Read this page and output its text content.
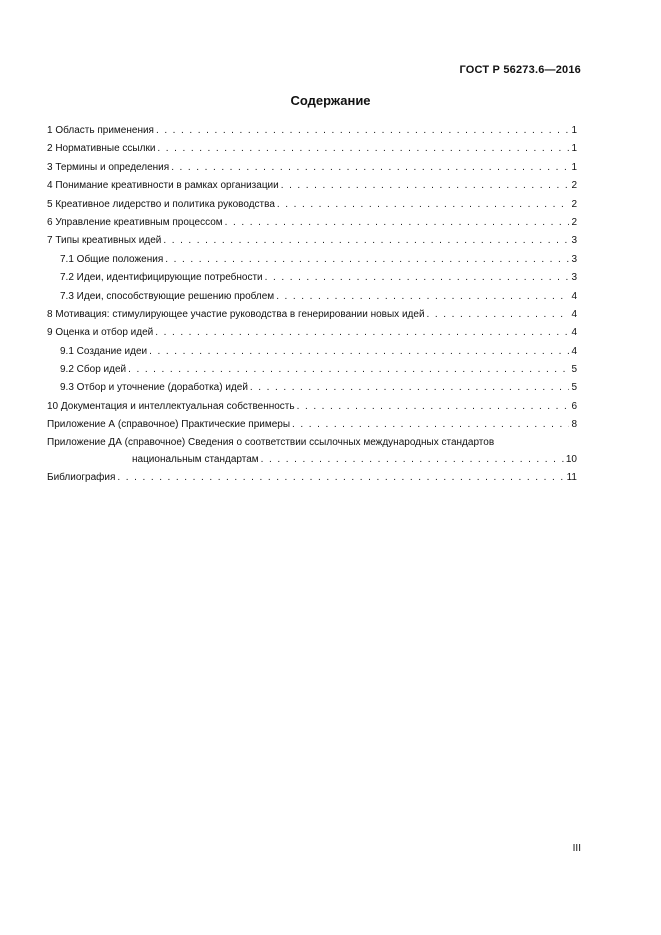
ГОСТ Р 56273.6—2016
Содержание
1 Область применения . . .	1
2 Нормативные ссылки . . .	1
3 Термины и определения . . .	1
4 Понимание креативности в рамках организации . . .	2
5 Креативное лидерство и политика руководства . . .	2
6 Управление креативным процессом . . .	2
7 Типы креативных идей . . .	3
7.1 Общие положения . . .	3
7.2 Идеи, идентифицирующие потребности . . .	3
7.3 Идеи, способствующие решению проблем . . .	4
8 Мотивация: стимулирующее участие руководства в генерировании новых идей . . .	4
9 Оценка и отбор идей . . .	4
9.1 Создание идеи . . .	4
9.2 Сбор идей . . .	5
9.3 Отбор и уточнение (доработка) идей . . .	5
10 Документация и интеллектуальная собственность . . .	6
Приложение А (справочное) Практические примеры . . .	8
Приложение ДА (справочное) Сведения о соответствии ссылочных международных стандартов
национальным стандартам . . .	10
Библиография . . .	11
III
